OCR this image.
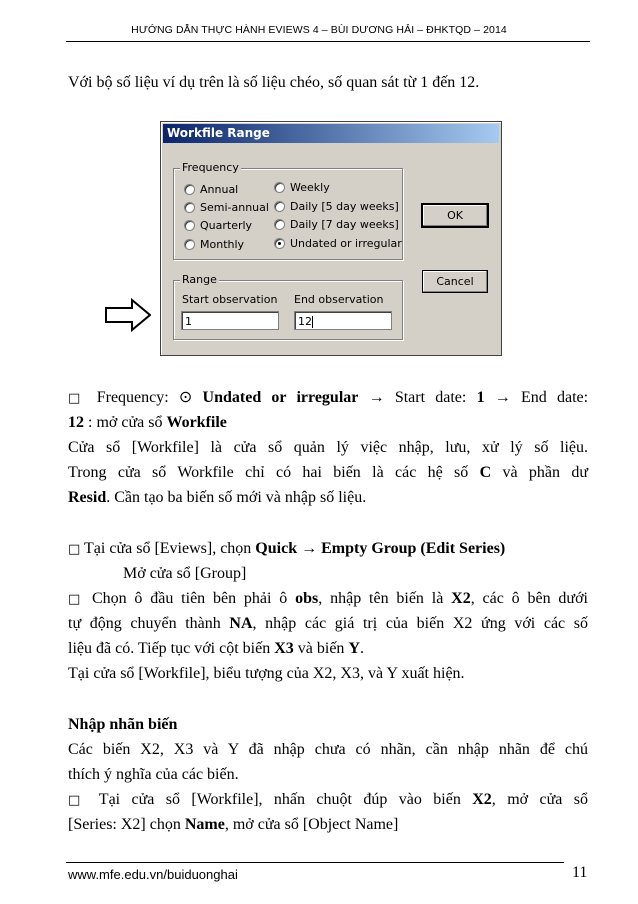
HƯỚNG DẪN THỰC HÀNH EVIEWS 4 – BÙI DƯƠNG HẢI – ĐHKTQD – 2014
Với bộ số liệu ví dụ trên là số liệu chéo, số quan sát từ 1 đến 12.
Workfile Range
Frequency
Annual
Semi-annual
Quarterly
Monthly
Weekly
Daily [5 day weeks]
Daily [7 day weeks]
Undated or irregular
Range
Start observation End observation
1	12
OK
Cancel
□ Frequency: ⊙ Undated or irregular → Start date: 1 → End date:
12 : mở cửa sổ Workfile
Cửa sổ [Workfile] là cửa sổ quản lý việc nhập, lưu, xử lý số liệu.
Trong cửa sổ Workfile chỉ có hai biến là các hệ số C và phần dư
Resid. Cần tạo ba biến số mới và nhập số liệu.
□ Tại cửa sổ [Eviews], chọn Quick → Empty Group (Edit Series)
Mở cửa sổ [Group]
□ Chọn ô đầu tiên bên phải ô obs, nhập tên biến là X2, các ô bên dưới
tự động chuyển thành NA, nhập các giá trị của biến X2 ứng với các số
liệu đã có. Tiếp tục với cột biến X3 và biến Y.
Tại cửa sổ [Workfile], biểu tượng của X2, X3, và Y xuất hiện.
Nhập nhãn biến
Các biến X2, X3 và Y đã nhập chưa có nhãn, cần nhập nhãn để chú
thích ý nghĩa của các biến.
□ Tại cửa sổ [Workfile], nhấn chuột đúp vào biến X2, mở cửa sổ
[Series: X2] chọn Name, mở cửa sổ [Object Name]
www.mfe.edu.vn/buiduonghai	11
